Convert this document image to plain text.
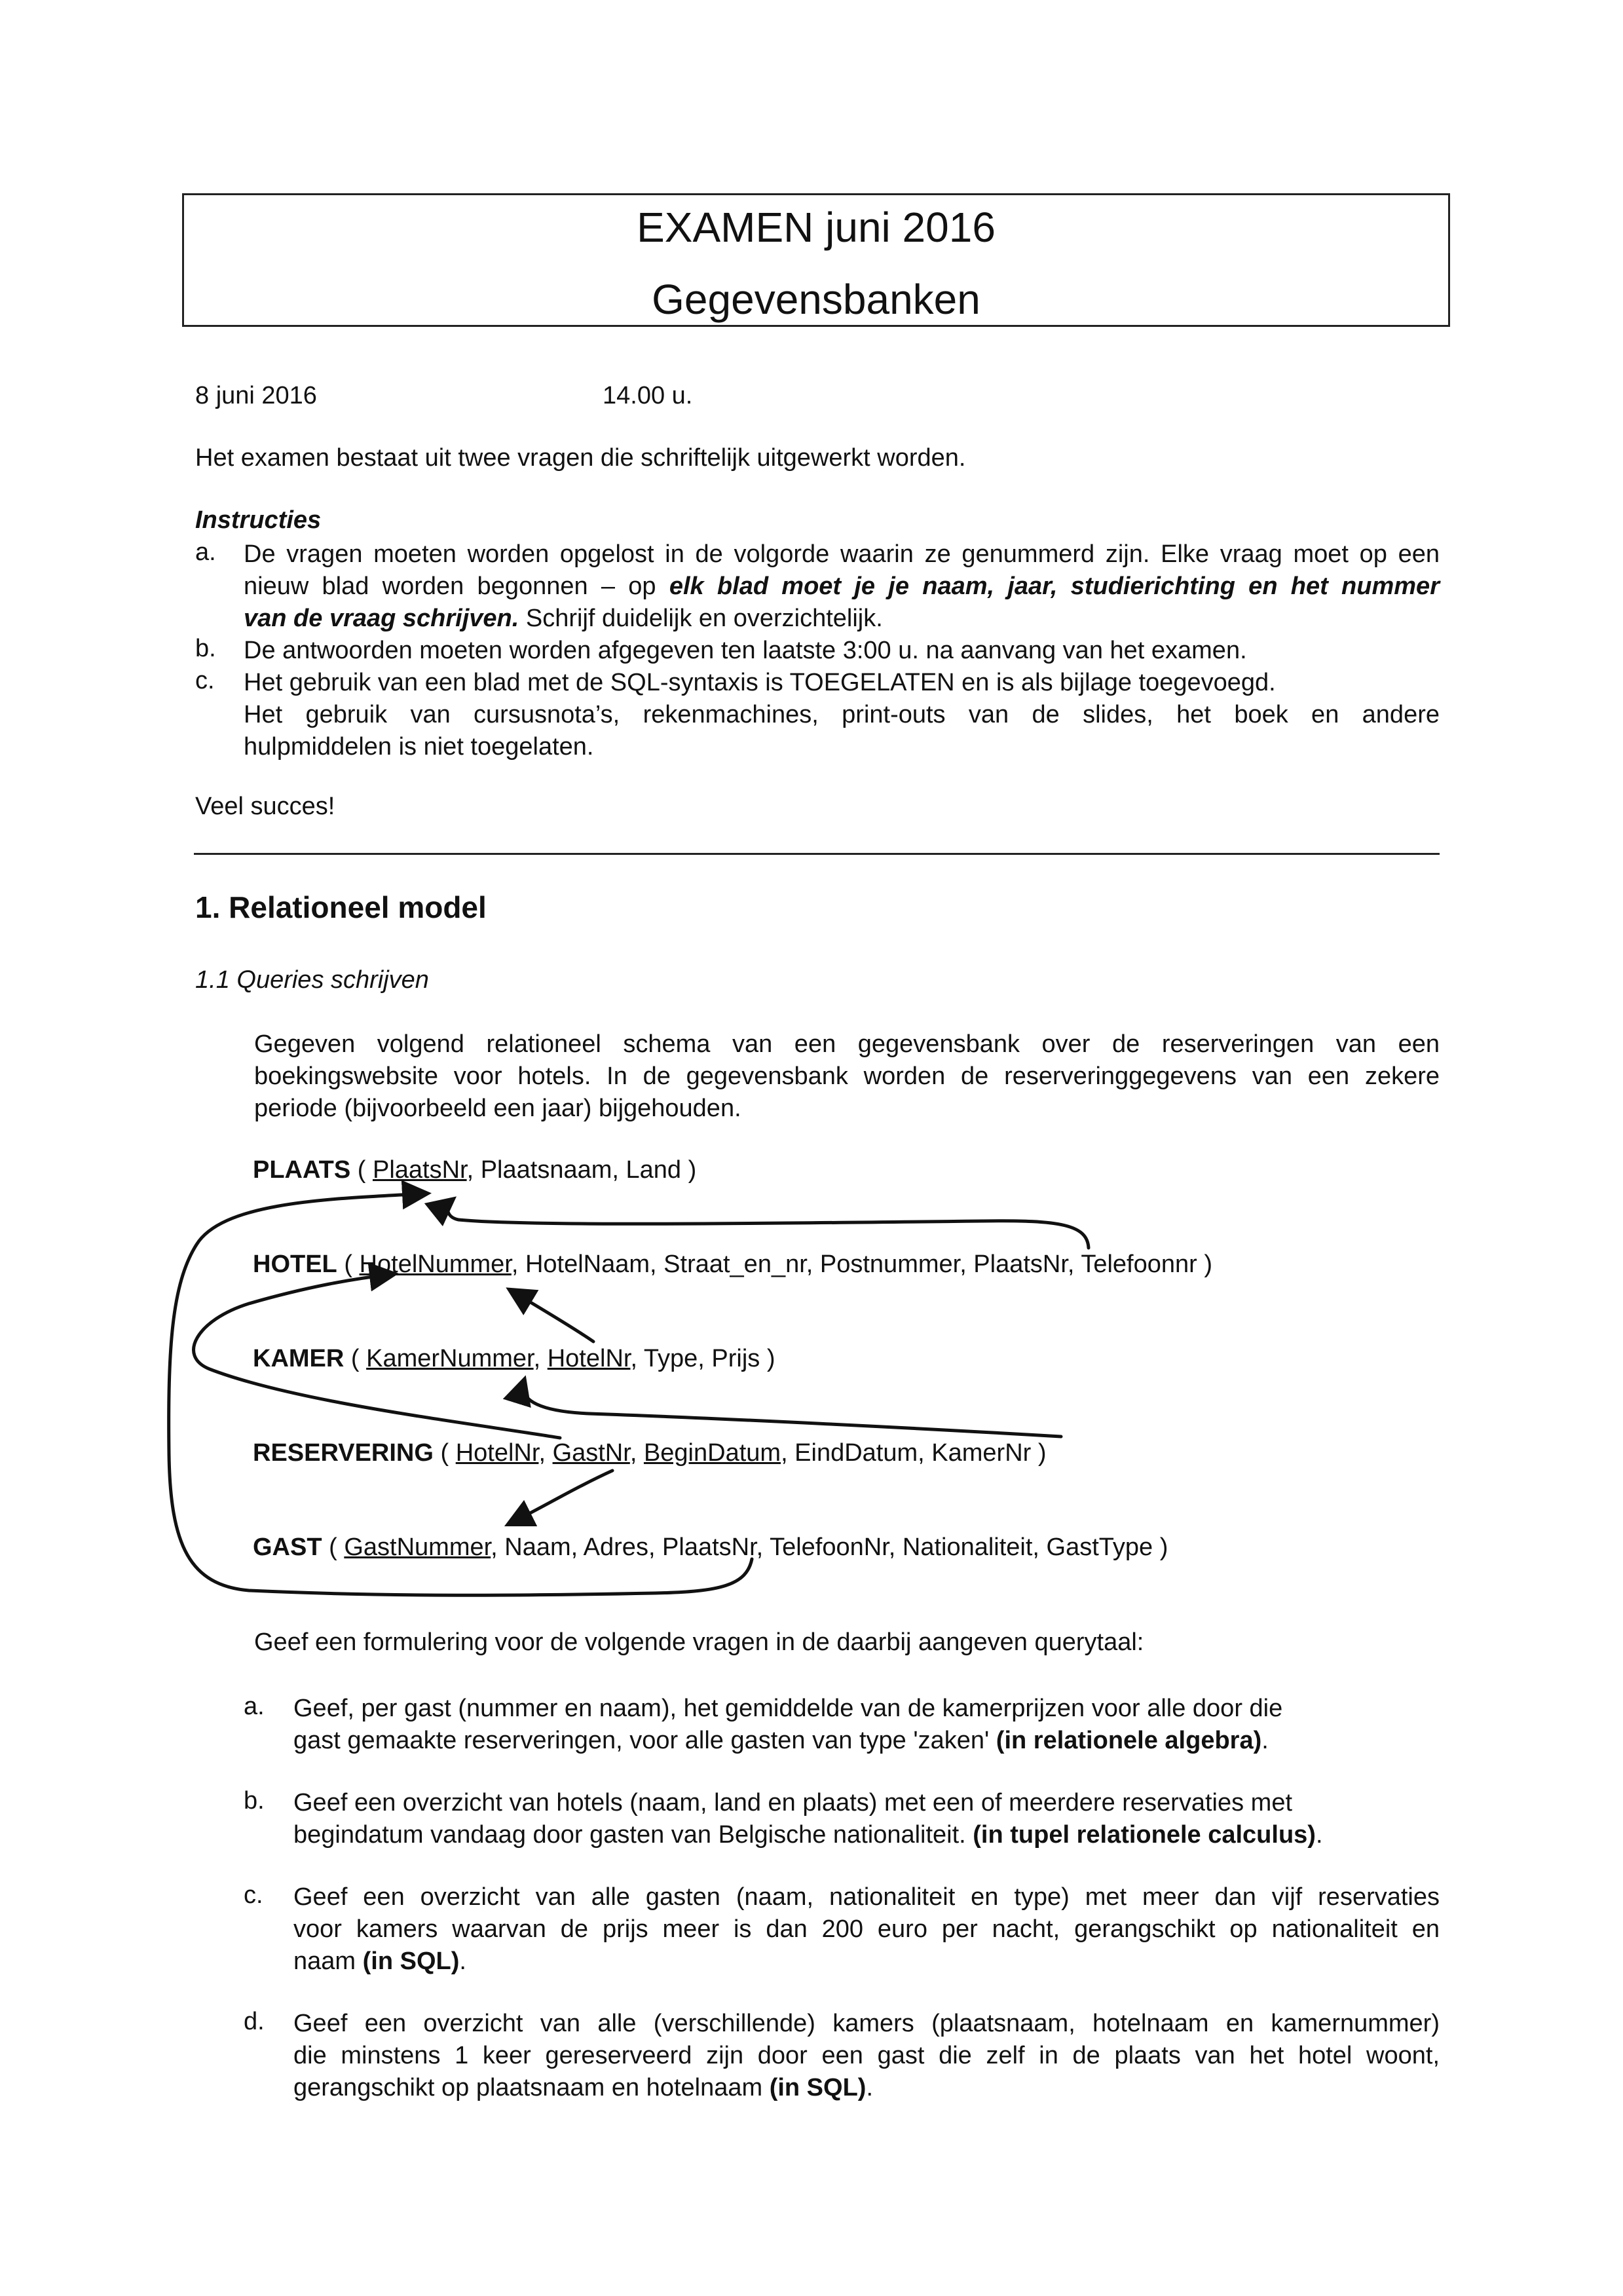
EXAMEN juni 2016
Gegevensbanken
8 juni 2016	14.00 u.
Het examen bestaat uit twee vragen die schriftelijk uitgewerkt worden.
Instructies
a. De vragen moeten worden opgelost in de volgorde waarin ze genummerd zijn. Elke vraag moet op een
nieuw blad worden begonnen – op elk blad moet je je naam, jaar, studierichting en het nummer
van de vraag schrijven. Schrijf duidelijk en overzichtelijk.
b. De antwoorden moeten worden afgegeven ten laatste 3:00 u. na aanvang van het examen.
c. Het gebruik van een blad met de SQL-syntaxis is TOEGELATEN en is als bijlage toegevoegd.
Het gebruik van cursusnota’s, rekenmachines, print-outs van de slides, het boek en andere
hulpmiddelen is niet toegelaten.
Veel succes!
1. Relationeel model
1.1 Queries schrijven
Gegeven volgend relationeel schema van een gegevensbank over de reserveringen van een
boekingswebsite voor hotels. In de gegevensbank worden de reserveringgegevens van een zekere
periode (bijvoorbeeld een jaar) bijgehouden.
PLAATS ( PlaatsNr, Plaatsnaam, Land )
HOTEL ( HotelNummer, HotelNaam, Straat_en_nr, Postnummer, PlaatsNr, Telefoonnr )
KAMER ( KamerNummer, HotelNr, Type, Prijs )
RESERVERING ( HotelNr, GastNr, BeginDatum, EindDatum, KamerNr )
GAST ( GastNummer, Naam, Adres, PlaatsNr, TelefoonNr, Nationaliteit, GastType )
Geef een formulering voor de volgende vragen in de daarbij aangeven querytaal:
a. Geef, per gast (nummer en naam), het gemiddelde van de kamerprijzen voor alle door die
gast gemaakte reserveringen, voor alle gasten van type 'zaken' (in relationele algebra).
b. Geef een overzicht van hotels (naam, land en plaats) met een of meerdere reservaties met
begindatum vandaag door gasten van Belgische nationaliteit. (in tupel relationele calculus).
c. Geef een overzicht van alle gasten (naam, nationaliteit en type) met meer dan vijf reservaties
voor kamers waarvan de prijs meer is dan 200 euro per nacht, gerangschikt op nationaliteit en
naam (in SQL).
d. Geef een overzicht van alle (verschillende) kamers (plaatsnaam, hotelnaam en kamernummer)
die minstens 1 keer gereserveerd zijn door een gast die zelf in de plaats van het hotel woont,
gerangschikt op plaatsnaam en hotelnaam (in SQL).
